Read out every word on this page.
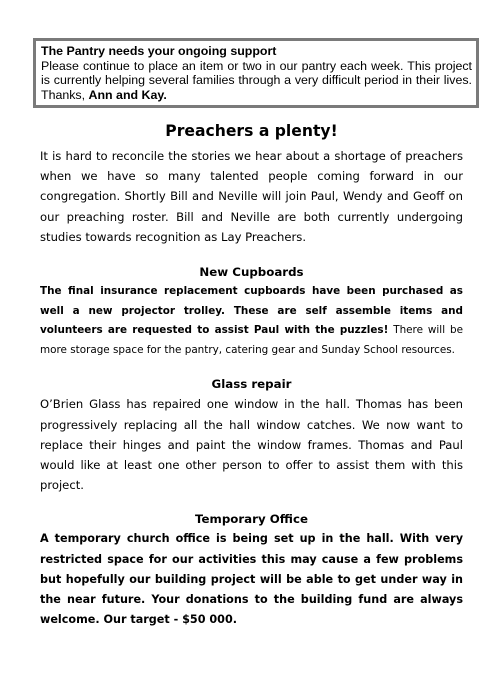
The Pantry needs your ongoing support
Please continue to place an item or two in our pantry each week. This project is currently helping several families through a very difficult period in their lives. Thanks, Ann and Kay.
Preachers a plenty!

It is hard to reconcile the stories we hear about a shortage of preachers when we have so many talented people coming forward in our congregation. Shortly Bill and Neville will join Paul, Wendy and Geoff on our preaching roster. Bill and Neville are both currently undergoing studies towards recognition as Lay Preachers.

New Cupboards

The final insurance replacement cupboards have been purchased as well a new projector trolley. These are self assemble items and volunteers are requested to assist Paul with the puzzles! There will be more storage space for the pantry, catering gear and Sunday School resources.

Glass repair

O’Brien Glass has repaired one window in the hall. Thomas has been progressively replacing all the hall window catches. We now want to replace their hinges and paint the window frames. Thomas and Paul would like at least one other person to offer to assist them with this project.

Temporary Office

A temporary church office is being set up in the hall. With very restricted space for our activities this may cause a few problems but hopefully our building project will be able to get under way in the near future. Your donations to the building fund are always welcome. Our target - $50 000.
